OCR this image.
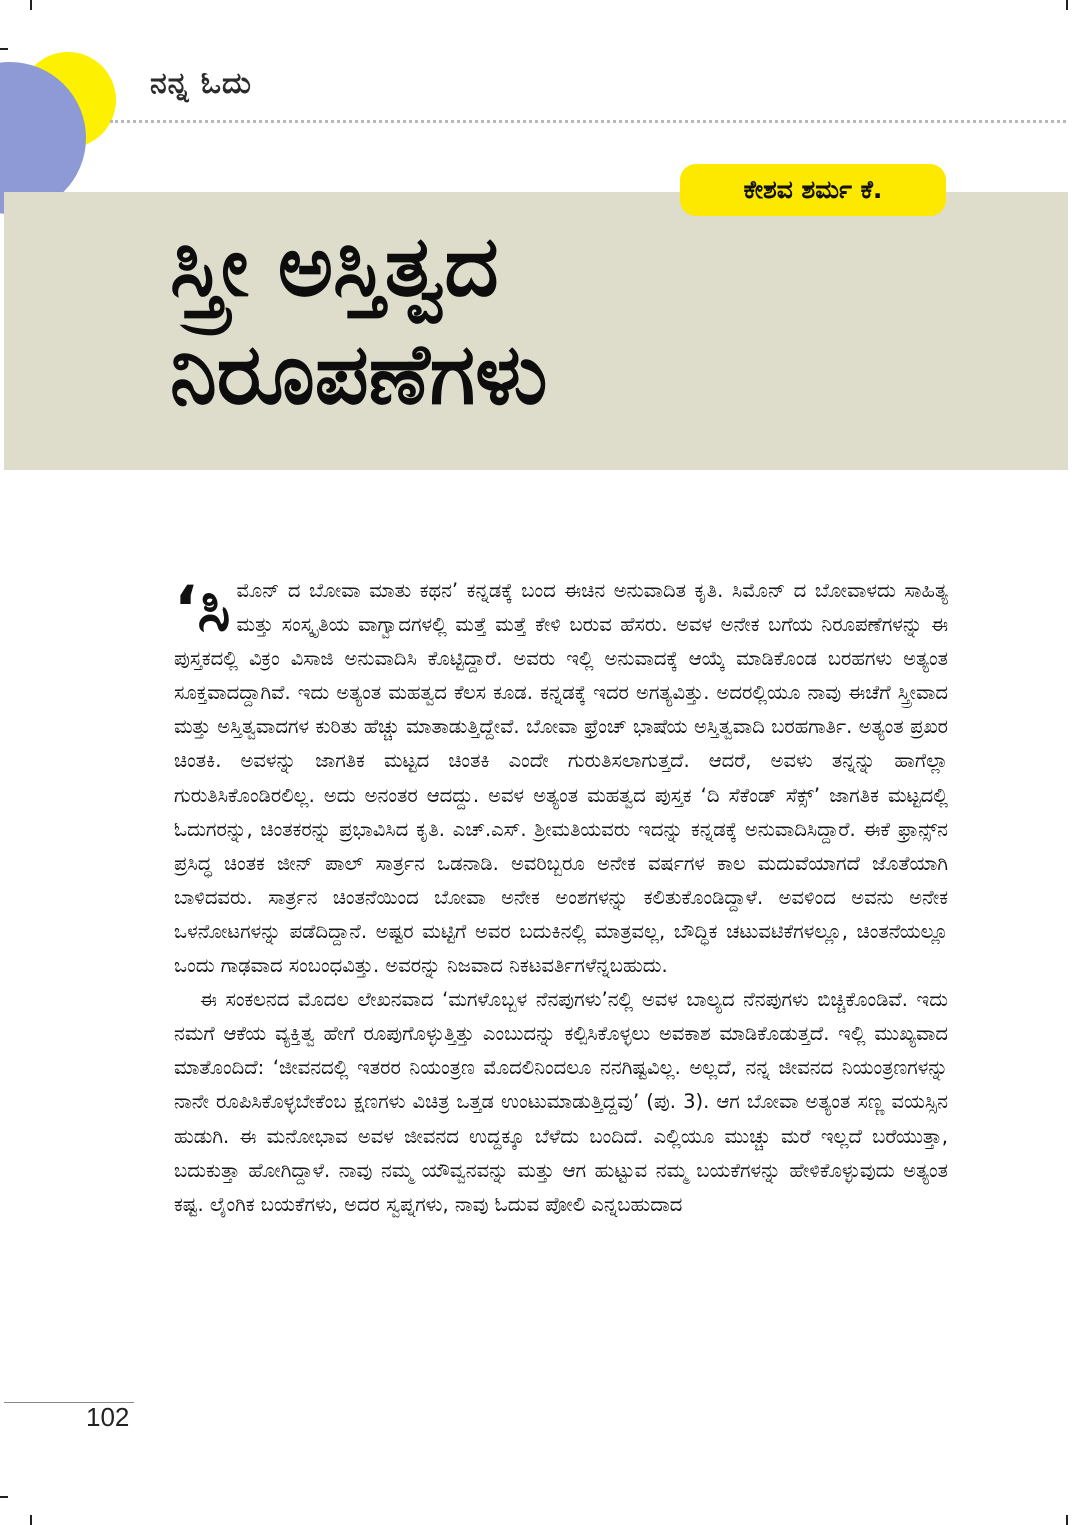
ನನ್ನ ಓದು
ಕೇಶವ ಶರ್ಮ ಕೆ.
ಸ್ತ್ರೀ ಅಸ್ತಿತ್ವದ
ನಿರೂಪಣೆಗಳು

‘ಸಿ ಮೊನ್ ದ ಬೋವಾ ಮಾತು ಕಥನ’ ಕನ್ನಡಕ್ಕೆ ಬಂದ ಈಚಿನ ಅನುವಾದಿತ ಕೃತಿ. ಸಿಮೊನ್ ದ ಬೋವಾಳದು ಸಾಹಿತ್ಯ ಮತ್ತು ಸಂಸ್ಕೃತಿಯ ವಾಗ್ವಾದಗಳಲ್ಲಿ ಮತ್ತೆ ಮತ್ತೆ ಕೇಳಿ ಬರುವ ಹೆಸರು. ಅವಳ ಅನೇಕ ಬಗೆಯ ನಿರೂಪಣೆಗಳನ್ನು ಈ ಪುಸ್ತಕದಲ್ಲಿ ವಿಕ್ರಂ ವಿಸಾಜಿ ಅನುವಾದಿಸಿ ಕೊಟ್ಟಿದ್ದಾರೆ. ಅವರು ಇಲ್ಲಿ ಅನುವಾದಕ್ಕೆ ಆಯ್ಕೆ ಮಾಡಿಕೊಂಡ ಬರಹಗಳು ಅತ್ಯಂತ ಸೂಕ್ತವಾದದ್ದಾಗಿವೆ. ಇದು ಅತ್ಯಂತ ಮಹತ್ವದ ಕೆಲಸ ಕೂಡ. ಕನ್ನಡಕ್ಕೆ ಇದರ ಅಗತ್ಯವಿತ್ತು. ಅದರಲ್ಲಿಯೂ ನಾವು ಈಚೆಗೆ ಸ್ತ್ರೀವಾದ ಮತ್ತು ಅಸ್ತಿತ್ವವಾದಗಳ ಕುರಿತು ಹೆಚ್ಚು ಮಾತಾಡುತ್ತಿದ್ದೇವೆ. ಬೋವಾ ಫ್ರೆಂಚ್ ಭಾಷೆಯ ಅಸ್ತಿತ್ವವಾದಿ ಬರಹಗಾರ್ತಿ. ಅತ್ಯಂತ ಪ್ರಖರ ಚಿಂತಕಿ. ಅವಳನ್ನು ಜಾಗತಿಕ ಮಟ್ಟದ ಚಿಂತಕಿ ಎಂದೇ ಗುರುತಿಸಲಾಗುತ್ತದೆ. ಆದರೆ, ಅವಳು ತನ್ನನ್ನು ಹಾಗೆಲ್ಲಾ ಗುರುತಿಸಿಕೊಂಡಿರಲಿಲ್ಲ. ಅದು ಅನಂತರ ಆದದ್ದು. ಅವಳ ಅತ್ಯಂತ ಮಹತ್ವದ ಪುಸ್ತಕ ‘ದಿ ಸೆಕೆಂಡ್ ಸೆಕ್ಸ್’ ಜಾಗತಿಕ ಮಟ್ಟದಲ್ಲಿ ಓದುಗರನ್ನು, ಚಿಂತಕರನ್ನು ಪ್ರಭಾವಿಸಿದ ಕೃತಿ. ಎಚ್.ಎಸ್. ಶ್ರೀಮತಿಯವರು ಇದನ್ನು ಕನ್ನಡಕ್ಕೆ ಅನುವಾದಿಸಿದ್ದಾರೆ. ಈಕೆ ಫ್ರಾನ್ಸ್‌ನ ಪ್ರಸಿದ್ಧ ಚಿಂತಕ ಜೀನ್ ಪಾಲ್ ಸಾರ್ತ್ರನ ಒಡನಾಡಿ. ಅವರಿಬ್ಬರೂ ಅನೇಕ ವರ್ಷಗಳ ಕಾಲ ಮದುವೆಯಾಗದೆ ಜೊತೆಯಾಗಿ ಬಾಳಿದವರು. ಸಾರ್ತ್ರನ ಚಿಂತನೆಯಿಂದ ಬೋವಾ ಅನೇಕ ಅಂಶಗಳನ್ನು ಕಲಿತುಕೊಂಡಿದ್ದಾಳೆ. ಅವಳಿಂದ ಅವನು ಅನೇಕ ಒಳನೋಟಗಳನ್ನು ಪಡೆದಿದ್ದಾನೆ. ಅಷ್ಟರ ಮಟ್ಟಿಗೆ ಅವರ ಬದುಕಿನಲ್ಲಿ ಮಾತ್ರವಲ್ಲ, ಬೌದ್ಧಿಕ ಚಟುವಟಿಕೆಗಳಲ್ಲೂ, ಚಿಂತನೆಯಲ್ಲೂ ಒಂದು ಗಾಢವಾದ ಸಂಬಂಧವಿತ್ತು. ಅವರನ್ನು ನಿಜವಾದ ನಿಕಟವರ್ತಿಗಳೆನ್ನಬಹುದು.

ಈ ಸಂಕಲನದ ಮೊದಲ ಲೇಖನವಾದ ‘ಮಗಳೊಬ್ಬಳ ನೆನಪುಗಳು’ನಲ್ಲಿ ಅವಳ ಬಾಲ್ಯದ ನೆನಪುಗಳು ಬಿಚ್ಚಿಕೊಂಡಿವೆ. ಇದು ನಮಗೆ ಆಕೆಯ ವ್ಯಕ್ತಿತ್ವ ಹೇಗೆ ರೂಪುಗೊಳ್ಳುತ್ತಿತ್ತು ಎಂಬುದನ್ನು ಕಲ್ಪಿಸಿಕೊಳ್ಳಲು ಅವಕಾಶ ಮಾಡಿಕೊಡುತ್ತದೆ. ಇಲ್ಲಿ ಮುಖ್ಯವಾದ ಮಾತೊಂದಿದೆ: ‘ಜೀವನದಲ್ಲಿ ಇತರರ ನಿಯಂತ್ರಣ ಮೊದಲಿನಿಂದಲೂ ನನಗಿಷ್ಟವಿಲ್ಲ. ಅಲ್ಲದೆ, ನನ್ನ ಜೀವನದ ನಿಯಂತ್ರಣಗಳನ್ನು ನಾನೇ ರೂಪಿಸಿಕೊಳ್ಳಬೇಕೆಂಬ ಕ್ಷಣಗಳು ವಿಚಿತ್ರ ಒತ್ತಡ ಉಂಟುಮಾಡುತ್ತಿದ್ದವು’ (ಪು. 3). ಆಗ ಬೋವಾ ಅತ್ಯಂತ ಸಣ್ಣ ವಯಸ್ಸಿನ ಹುಡುಗಿ. ಈ ಮನೋಭಾವ ಅವಳ ಜೀವನದ ಉದ್ದಕ್ಕೂ ಬೆಳೆದು ಬಂದಿದೆ. ಎಲ್ಲಿಯೂ ಮುಚ್ಚು ಮರೆ ಇಲ್ಲದೆ ಬರೆಯುತ್ತಾ, ಬದುಕುತ್ತಾ ಹೋಗಿದ್ದಾಳೆ. ನಾವು ನಮ್ಮ ಯೌವ್ವನವನ್ನು ಮತ್ತು ಆಗ ಹುಟ್ಟುವ ನಮ್ಮ ಬಯಕೆಗಳನ್ನು ಹೇಳಿಕೊಳ್ಳುವುದು ಅತ್ಯಂತ ಕಷ್ಟ. ಲೈಂಗಿಕ ಬಯಕೆಗಳು, ಅದರ ಸ್ವಪ್ನಗಳು, ನಾವು ಓದುವ ಪೋಲಿ ಎನ್ನಬಹುದಾದ

102
